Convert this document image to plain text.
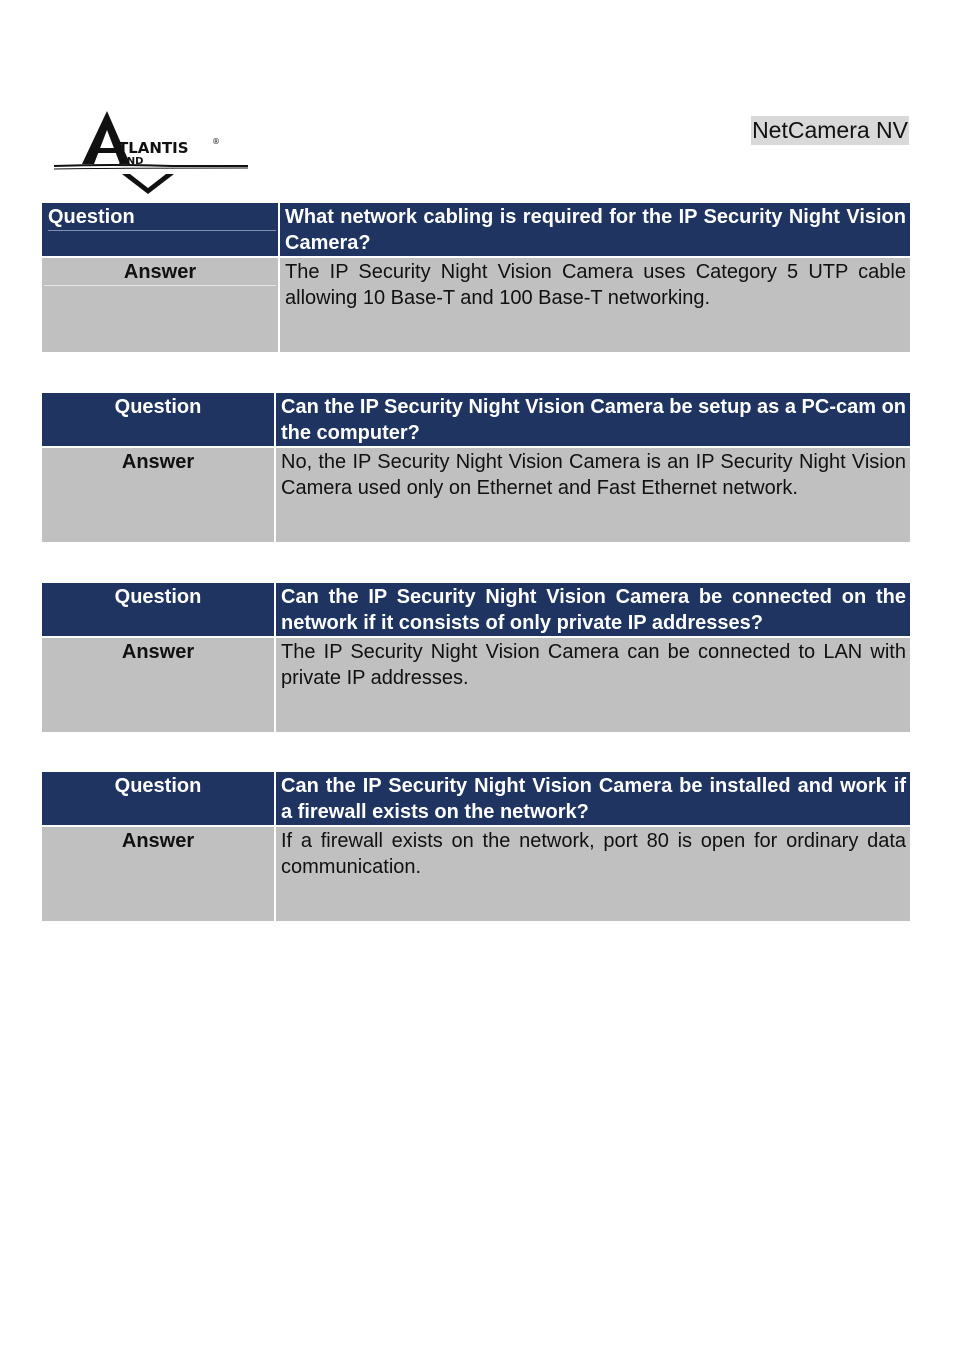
TLANTIS	®
AND
NetCamera NV
Question	What network cabling is required for the IP Security Night Vision Camera?

Answer	The IP Security Night Vision Camera uses Category 5 UTP cable allowing 10 Base-T and 100 Base-T networking.
Question	Can the IP Security Night Vision Camera be setup as a PC-cam on the computer?

Answer	No, the IP Security Night Vision Camera is an IP Security Night Vision Camera used only on Ethernet and Fast Ethernet network.
Question	Can the IP Security Night Vision Camera be connected on the network if it consists of only private IP addresses?

Answer	The IP Security Night Vision Camera can be connected to LAN with private IP addresses.
Question	Can the IP Security Night Vision Camera be installed and work if a firewall exists on the network?

Answer	If a firewall exists on the network, port 80 is open for ordinary data communication.
